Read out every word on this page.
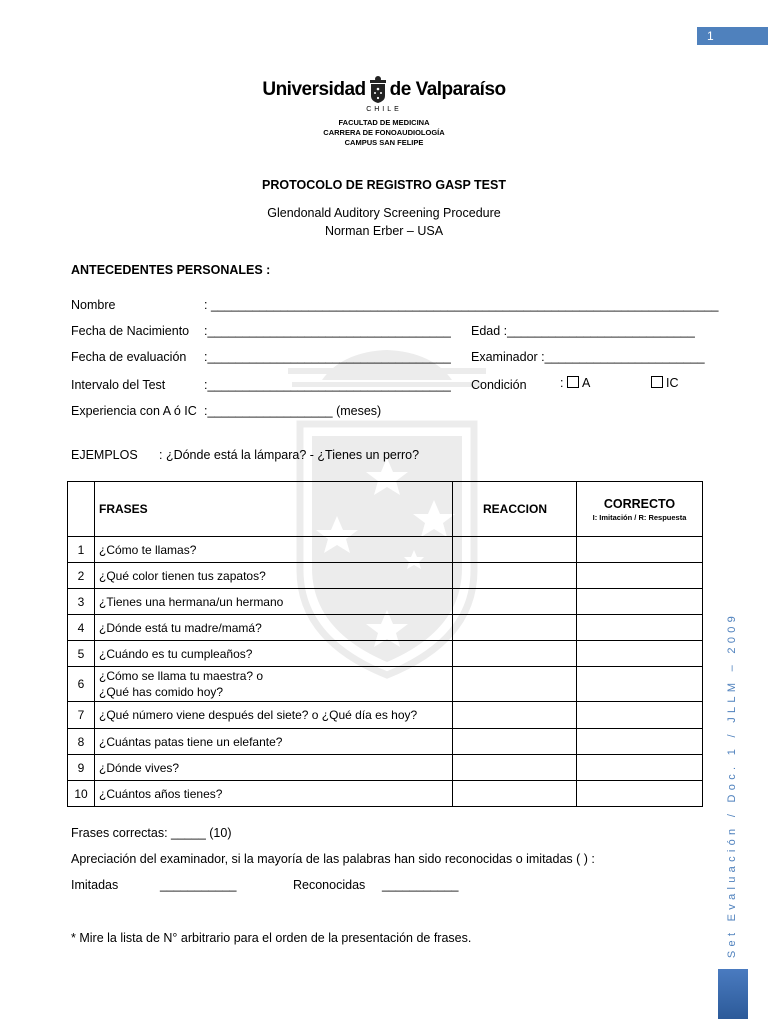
1
Set Evaluación / Doc. 1 / JLLM – 2009
Universidad de Valparaíso
CHILE
FACULTAD DE MEDICINA
CARRERA DE FONOAUDIOLOGÍA
CAMPUS SAN FELIPE
PROTOCOLO DE REGISTRO GASP TEST
Glendonald Auditory Screening Procedure
Norman Erber – USA
ANTECEDENTES PERSONALES :
Nombre	: _________________________________________________________________________
Fecha de Nacimiento :___________________________________ Edad :___________________________
Fecha de evaluación :___________________________________ Examinador :_______________________
Intervalo del Test	:___________________________________ Condición	: A	IC
Experiencia con A ó IC :__________________ (meses)
EJEMPLOS : ¿Dónde está la lámpara? - ¿Tienes un perro?
	FRASES	REACCION	CORRECTO
I: Imitación / R: Respuesta

1	¿Cómo te llamas?		
2	¿Qué color tienen tus zapatos?		
3	¿Tienes una hermana/un hermano		
4	¿Dónde está tu madre/mamá?		
5	¿Cuándo es tu cumpleaños?		
6	¿Cómo se llama tu maestra? o
¿Qué has comido hoy?		
7	¿Qué número viene después del siete? o ¿Qué día es hoy?		
8	¿Cuántas patas tiene un elefante?		
9	¿Dónde vives?		
10	¿Cuántos años tienes?		
Frases correctas: _____ (10)
Apreciación del examinador, si la mayoría de las palabras han sido reconocidas o imitadas ( ) :
Imitadas	___________	Reconocidas ___________
* Mire la lista de N° arbitrario para el orden de la presentación de frases.
